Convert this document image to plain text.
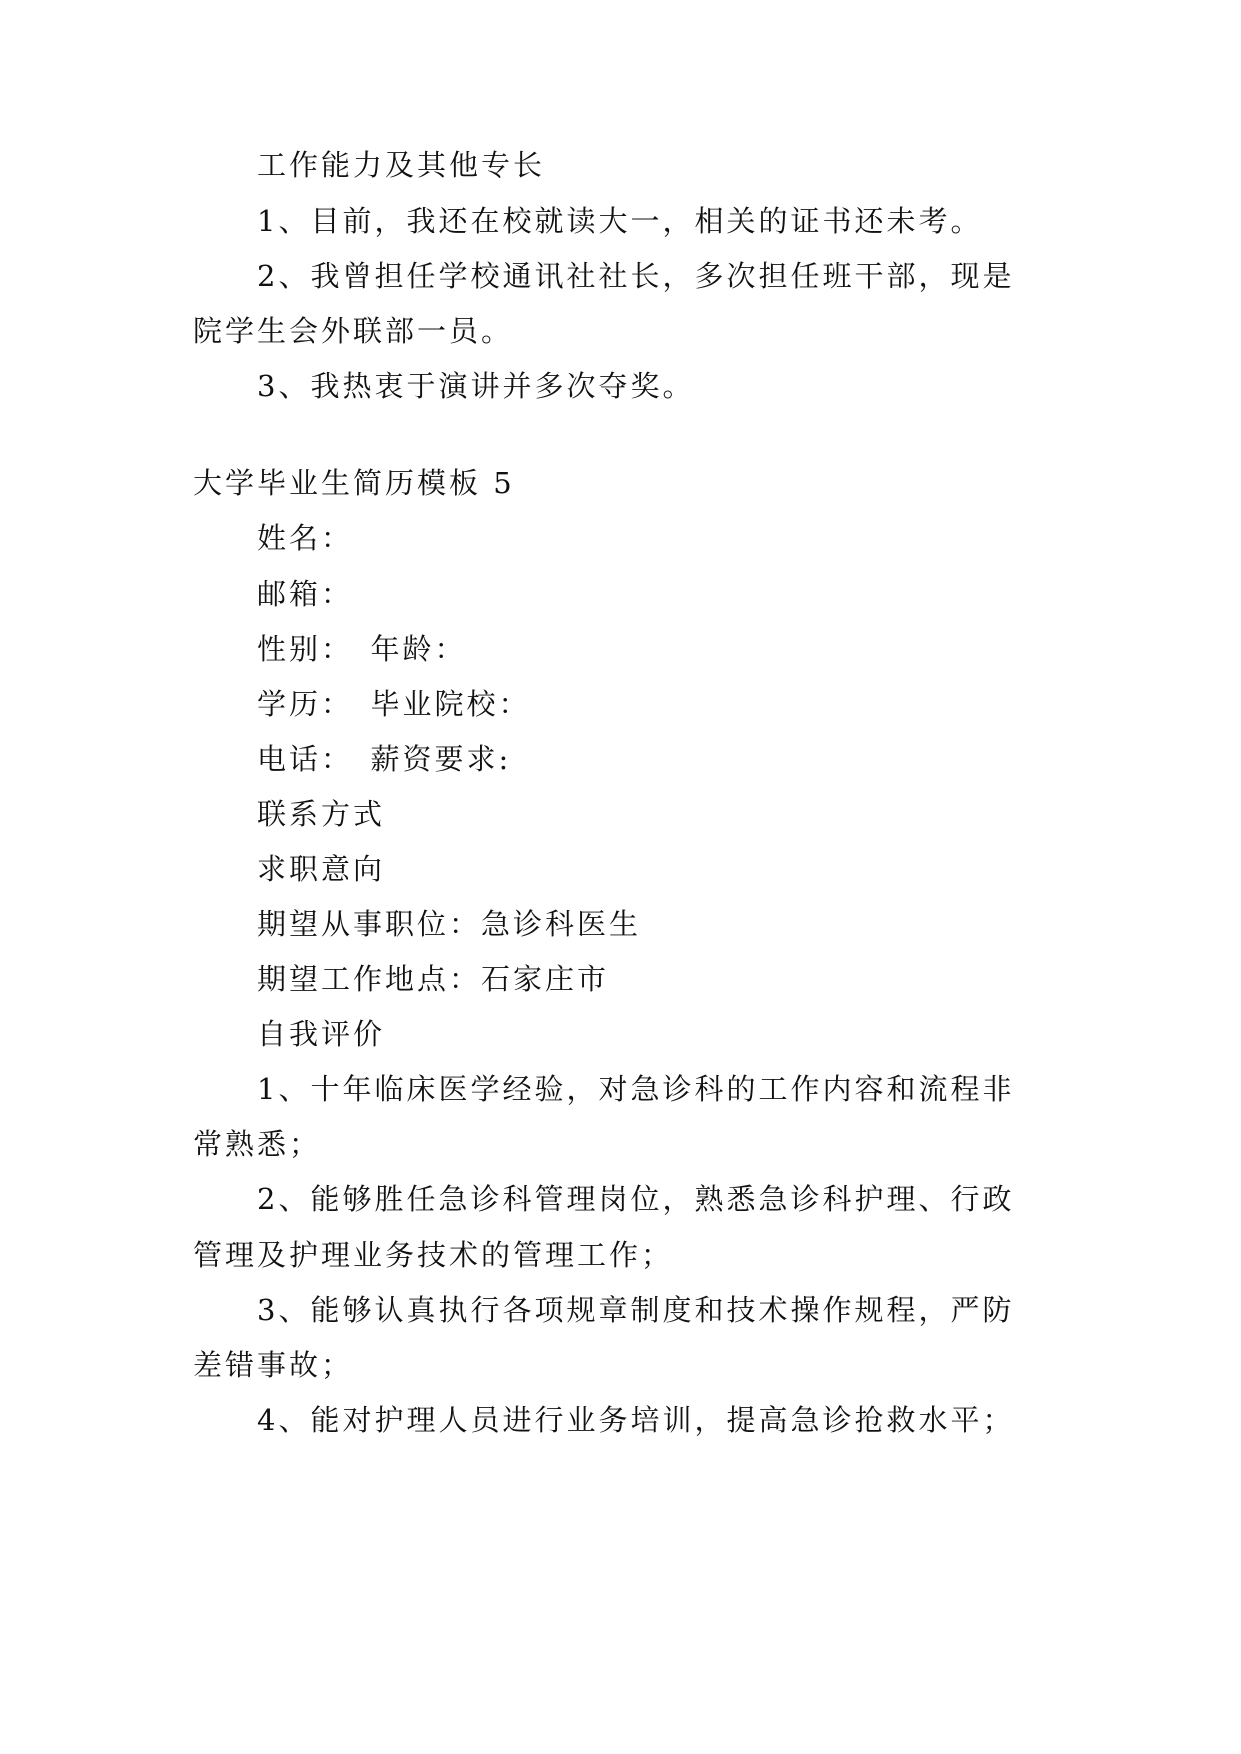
工作能力及其他专长
1、目前，我还在校就读大一，相关的证书还未考。
2、我曾担任学校通讯社社长，多次担任班干部，现是
院学生会外联部一员。
3、我热衷于演讲并多次夺奖。
大学毕业生简历模板 5
姓名：
邮箱：
性别：　年龄：
学历：　毕业院校：
电话：　薪资要求:
联系方式
求职意向
期望从事职位：急诊科医生
期望工作地点：石家庄市
自我评价
1、十年临床医学经验，对急诊科的工作内容和流程非
常熟悉；
2、能够胜任急诊科管理岗位，熟悉急诊科护理、行政
管理及护理业务技术的管理工作；
3、能够认真执行各项规章制度和技术操作规程，严防
差错事故；
4、能对护理人员进行业务培训，提高急诊抢救水平；
